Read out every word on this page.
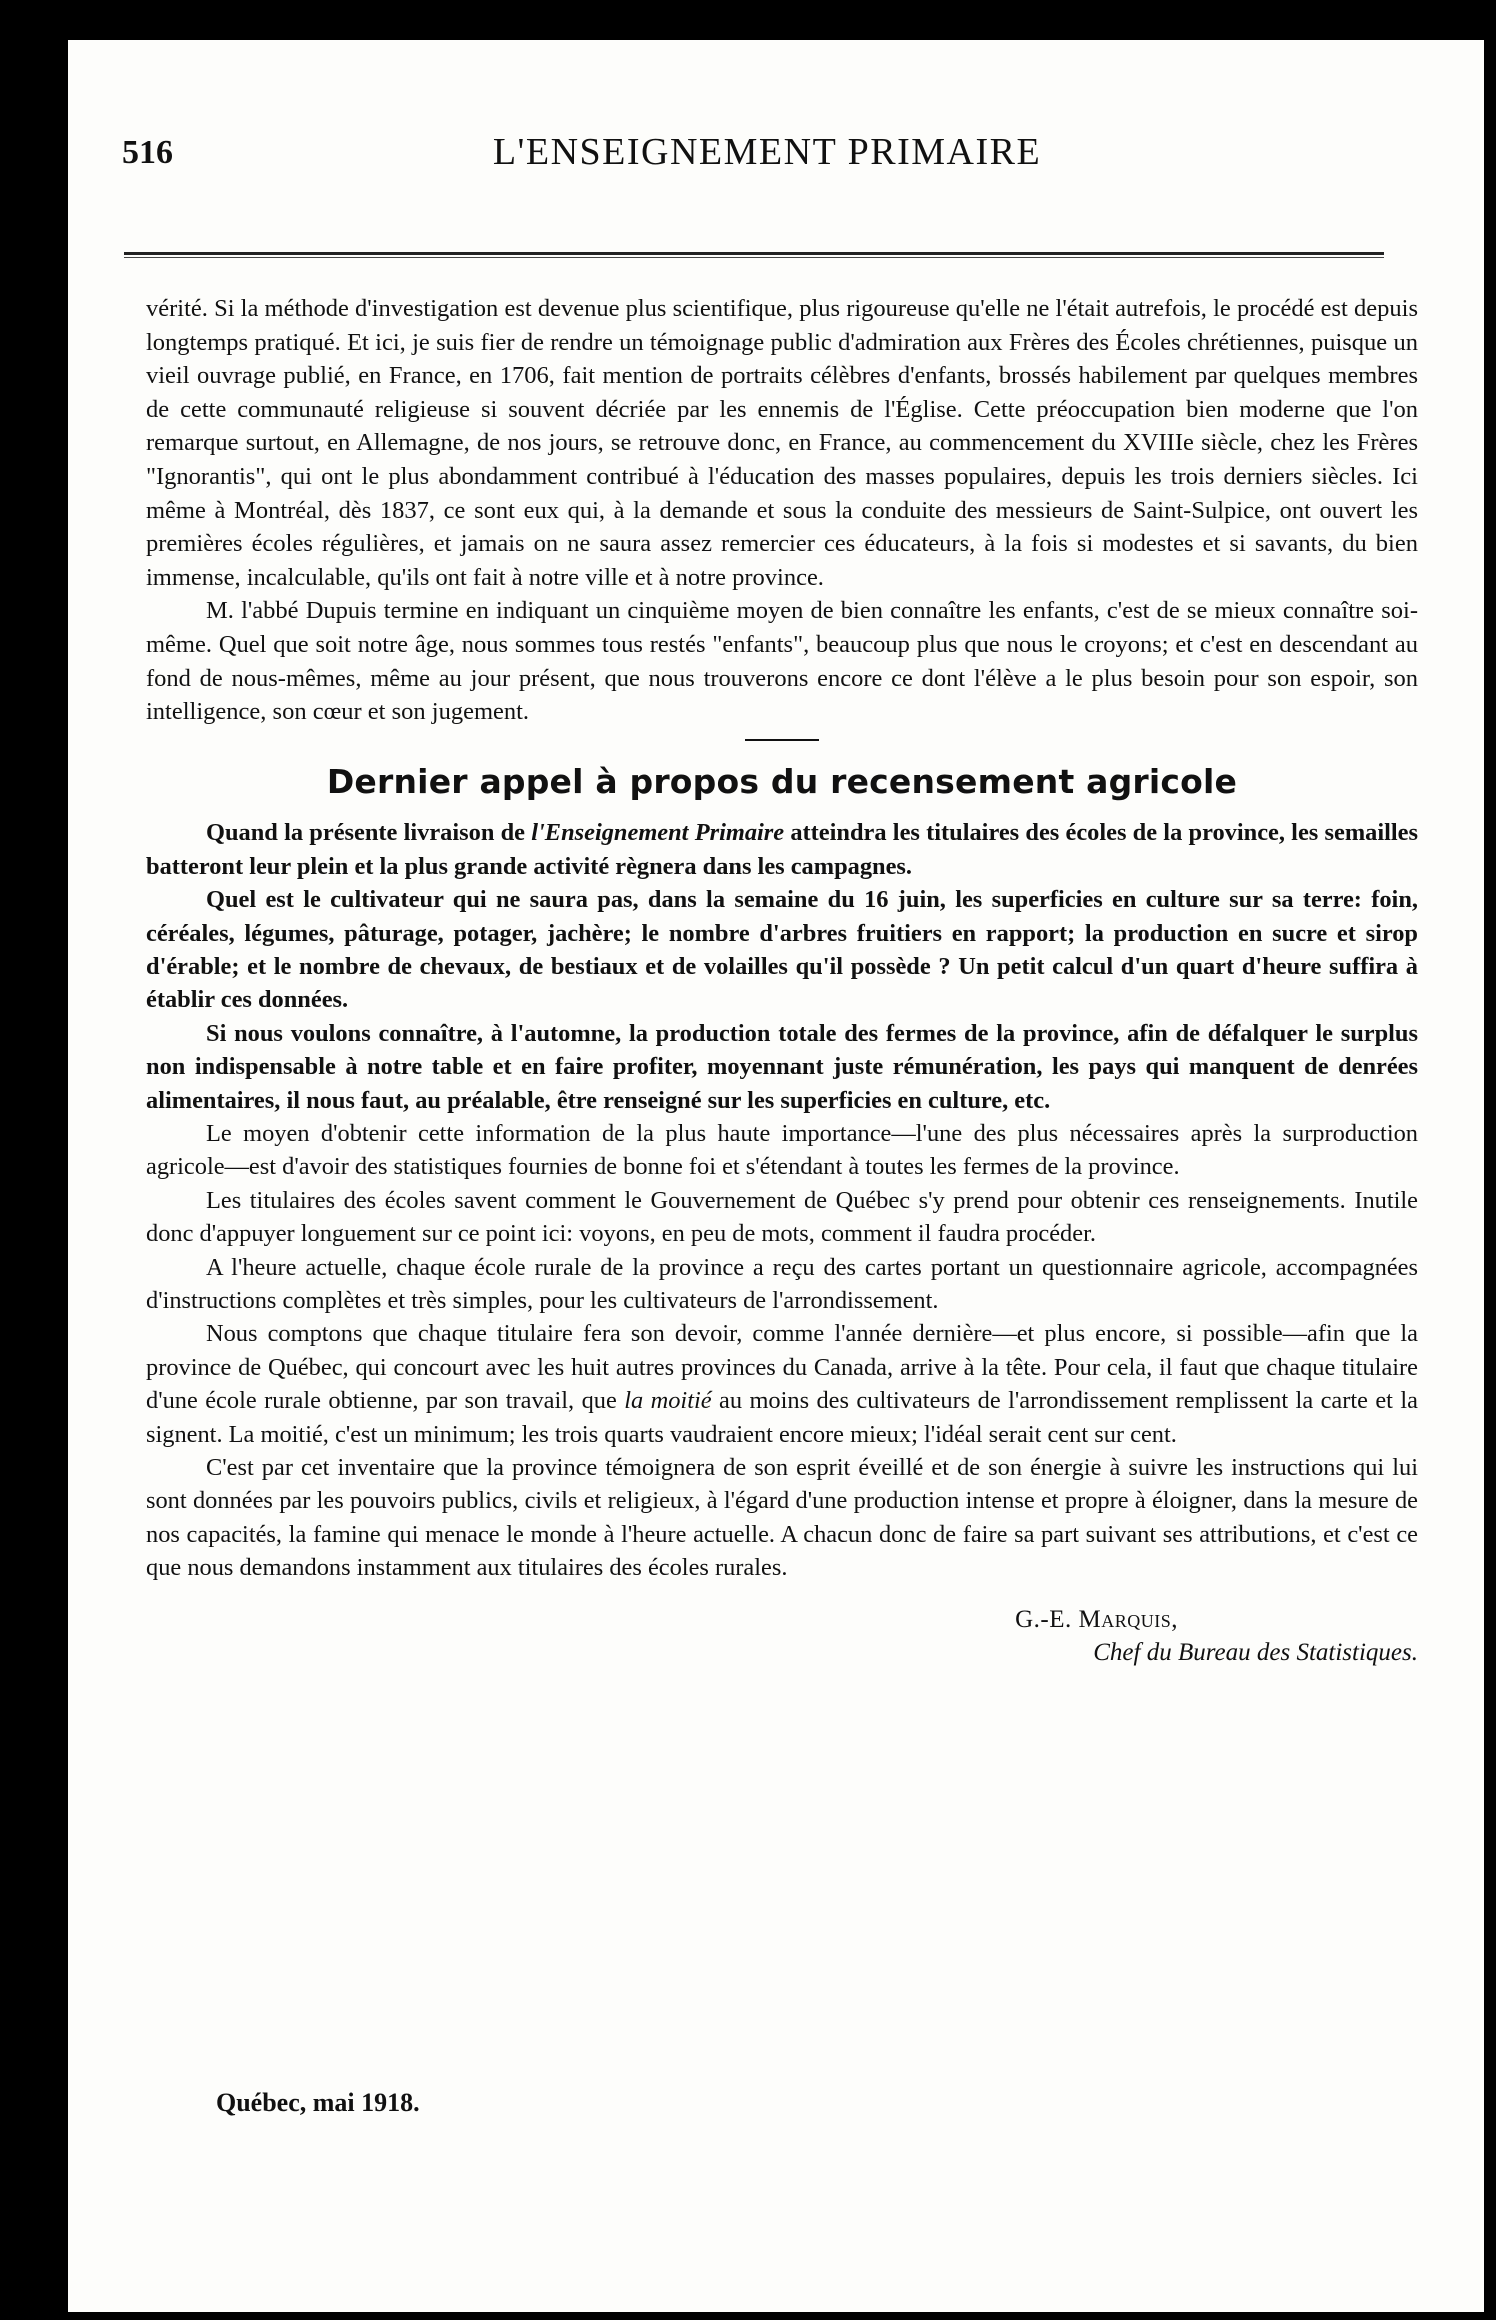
516	L'ENSEIGNEMENT PRIMAIRE

vérité. Si la méthode d'investigation est devenue plus scientifique, plus rigoureuse qu'elle ne l'était autrefois, le procédé est depuis longtemps pratiqué. Et ici, je suis fier de rendre un témoignage public d'admiration aux Frères des Écoles chrétiennes, puisque un vieil ouvrage publié, en France, en 1706, fait mention de portraits célèbres d'enfants, brossés habilement par quelques membres de cette communauté religieuse si souvent décriée par les ennemis de l'Église. Cette préoccupation bien moderne que l'on remarque surtout, en Allemagne, de nos jours, se retrouve donc, en France, au commencement du XVIIIe siècle, chez les Frères "Ignorantis", qui ont le plus abondamment contribué à l'éducation des masses populaires, depuis les trois derniers siècles. Ici même à Montréal, dès 1837, ce sont eux qui, à la demande et sous la conduite des messieurs de Saint-Sulpice, ont ouvert les premières écoles régulières, et jamais on ne saura assez remercier ces éducateurs, à la fois si modestes et si savants, du bien immense, incalculable, qu'ils ont fait à notre ville et à notre province.

M. l'abbé Dupuis termine en indiquant un cinquième moyen de bien connaître les enfants, c'est de se mieux connaître soi-même. Quel que soit notre âge, nous sommes tous restés "enfants", beaucoup plus que nous le croyons; et c'est en descendant au fond de nous-mêmes, même au jour présent, que nous trouverons encore ce dont l'élève a le plus besoin pour son espoir, son intelligence, son cœur et son jugement.

Dernier appel à propos du recensement agricole

Quand la présente livraison de l'Enseignement Primaire atteindra les titulaires des écoles de la province, les semailles batteront leur plein et la plus grande activité règnera dans les campagnes.

Quel est le cultivateur qui ne saura pas, dans la semaine du 16 juin, les superficies en culture sur sa terre: foin, céréales, légumes, pâturage, potager, jachère; le nombre d'arbres fruitiers en rapport; la production en sucre et sirop d'érable; et le nombre de chevaux, de bestiaux et de volailles qu'il possède ? Un petit calcul d'un quart d'heure suffira à établir ces données.

Si nous voulons connaître, à l'automne, la production totale des fermes de la province, afin de défalquer le surplus non indispensable à notre table et en faire profiter, moyennant juste rémunération, les pays qui manquent de denrées alimentaires, il nous faut, au préalable, être renseigné sur les superficies en culture, etc.

Le moyen d'obtenir cette information de la plus haute importance—l'une des plus nécessaires après la surproduction agricole—est d'avoir des statistiques fournies de bonne foi et s'étendant à toutes les fermes de la province.

Les titulaires des écoles savent comment le Gouvernement de Québec s'y prend pour obtenir ces renseignements. Inutile donc d'appuyer longuement sur ce point ici: voyons, en peu de mots, comment il faudra procéder.

A l'heure actuelle, chaque école rurale de la province a reçu des cartes portant un questionnaire agricole, accompagnées d'instructions complètes et très simples, pour les cultivateurs de l'arrondissement.

Nous comptons que chaque titulaire fera son devoir, comme l'année dernière—et plus encore, si possible—afin que la province de Québec, qui concourt avec les huit autres provinces du Canada, arrive à la tête. Pour cela, il faut que chaque titulaire d'une école rurale obtienne, par son travail, que la moitié au moins des cultivateurs de l'arrondissement remplissent la carte et la signent. La moitié, c'est un minimum; les trois quarts vaudraient encore mieux; l'idéal serait cent sur cent.

C'est par cet inventaire que la province témoignera de son esprit éveillé et de son énergie à suivre les instructions qui lui sont données par les pouvoirs publics, civils et religieux, à l'égard d'une production intense et propre à éloigner, dans la mesure de nos capacités, la famine qui menace le monde à l'heure actuelle. A chacun donc de faire sa part suivant ses attributions, et c'est ce que nous demandons instamment aux titulaires des écoles rurales.

G.-E. Marquis,
Chef du Bureau des Statistiques.
Québec, mai 1918.
